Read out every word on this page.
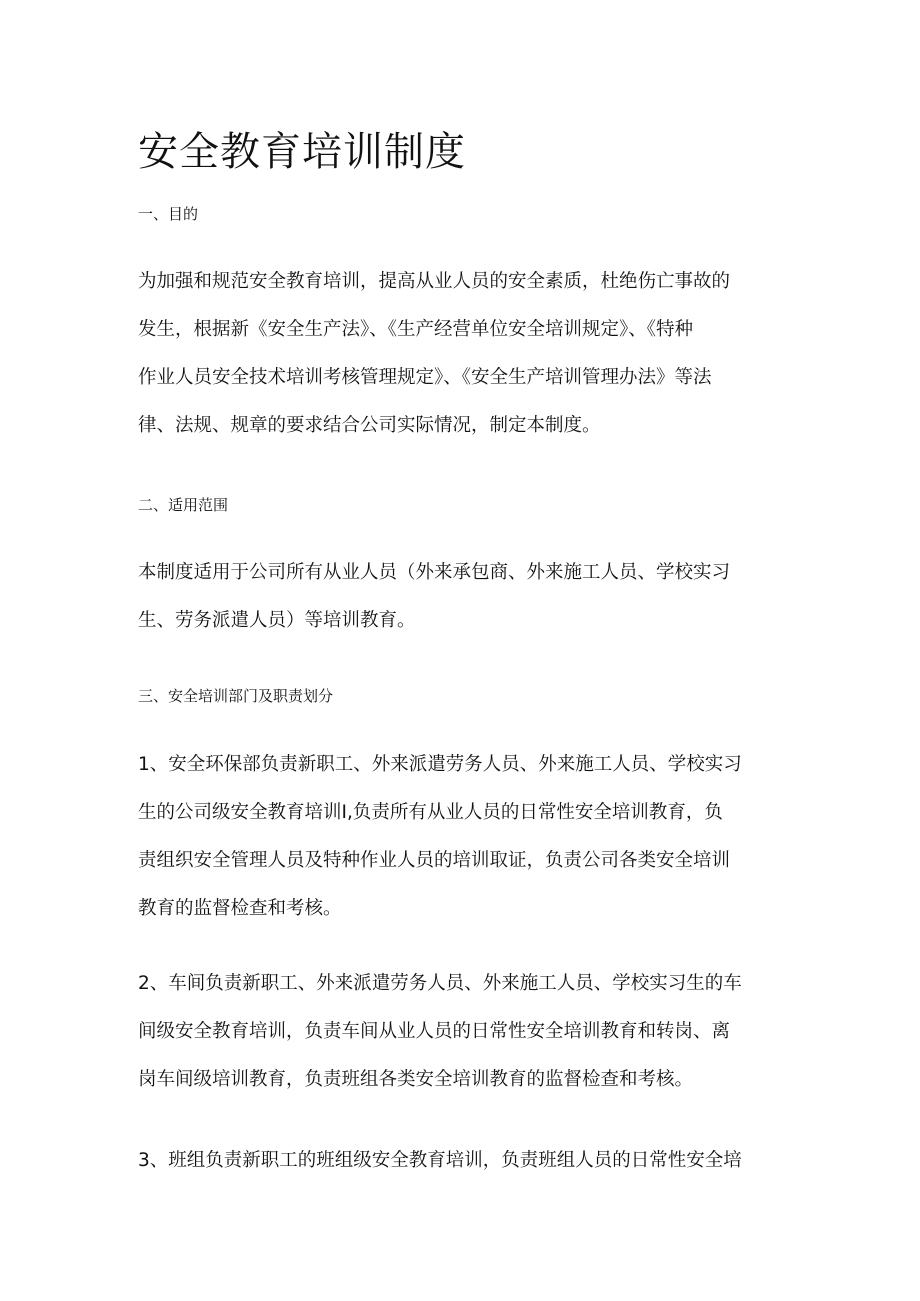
安全教育培训制度
一、目的

为加强和规范安全教育培训，提高从业人员的安全素质，杜绝伤亡事故的
发生，根据新《安全生产法》、《生产经营单位安全培训规定》、《特种
作业人员安全技术培训考核管理规定》、《安全生产培训管理办法》等法
律、法规、规章的要求结合公司实际情况，制定本制度。

二、适用范围

本制度适用于公司所有从业人员（外来承包商、外来施工人员、学校实习
生、劳务派遣人员）等培训教育。

三、安全培训部门及职责划分

1、安全环保部负责新职工、外来派遣劳务人员、外来施工人员、学校实习
生的公司级安全教育培训I,负责所有从业人员的日常性安全培训教育，负
责组织安全管理人员及特种作业人员的培训取证，负责公司各类安全培训
教育的监督检查和考核。

2、车间负责新职工、外来派遣劳务人员、外来施工人员、学校实习生的车
间级安全教育培训，负责车间从业人员的日常性安全培训教育和转岗、离
岗车间级培训教育，负责班组各类安全培训教育的监督检查和考核。

3、班组负责新职工的班组级安全教育培训，负责班组人员的日常性安全培
